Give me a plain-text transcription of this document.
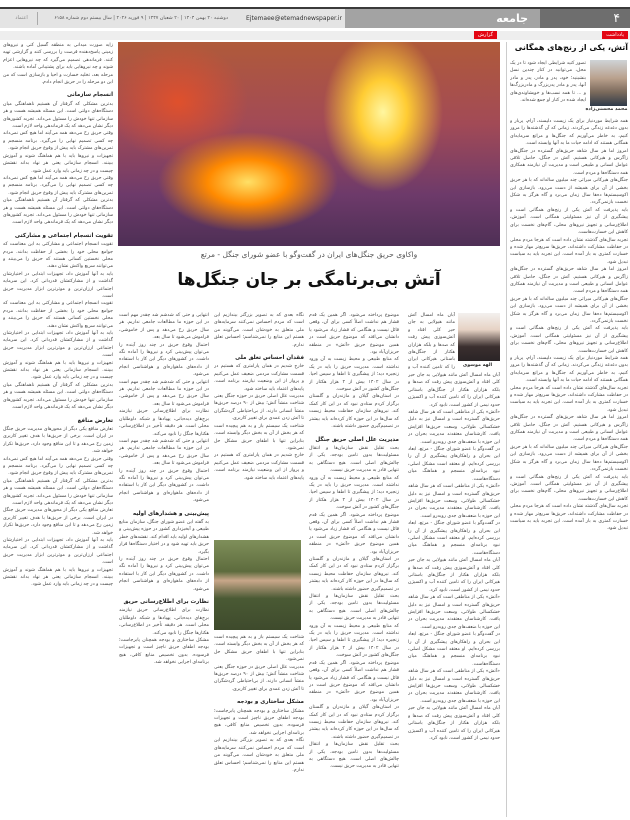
۴
جامعه
Ejtemaee@etemadnewspaper.ir
دوشنبه ۲۰ بهمن ۱۴۰۴ | ۲۰ شعبان ۱۴۴۷ | ۹ فوریه ۲۰۲۶ | سال بیستم دوم شماره ۶۱۵۸
اعتماد
یادداشت
گزارش
آتش، یکی از رنج‌های همگانی
محمد محسنی‌زاده

تصور کنید شرایطی ایجاد شود تا در یک محل، می‌توانید در کنار چندین نسل بنشینید؛ خود، پدر و مادر، پدر و مادر آنها، پدر و مادر پدربزرگ و مادربزرگ‌ها و ... تا همه نسب‌ها و خویشاوندی‌های ایجاد شده در کنار او جمع شده‌اند.

همه شرایط موردنیاز برای یک زیست دلپسند، آرام، پربار و بدون دغدغه زندگی می‌کردند. زمانی که آن گذشته‌ها را مرور کنیم، به خاطر می‌آوریم که جنگل‌ها و مراتع سرمایه‌ای همگانی هستند که ادامه حیات ما به آنها وابسته است.

امروز اما هر سال شاهد حریق‌های گسترده در جنگل‌های زاگرس و هیرکانی هستیم. آتش در جنگل، حاصل تلاقی عوامل انسانی و طبیعی است و مدیریت آن نیازمند همکاری همه دستگاه‌ها و مردم است.

جنگل‌های هیرکانی میراثی چند میلیون ساله‌اند که با هر حریق بخشی از آن برای همیشه از دست می‌رود. بازسازی این اکوسیستم‌ها ده‌ها سال زمان می‌برد و گاه هرگز به شکل نخست بازنمی‌گردد.

باید پذیرفت که آتش یکی از رنج‌های همگانی است و پیشگیری از آن نیز مسئولیتی همگانی است. آموزش، اطلاع‌رسانی و تجهیز نیروهای محلی، گام‌های نخست برای کاهش این خسارت‌هاست.

تجربه سال‌های گذشته نشان داده است که هرجا مردم محلی در حفاظت مشارکت داشته‌اند، حریق‌ها سریع‌تر مهار شده و خسارت کمتری به بار آمده است. این تجربه باید به سیاست تبدیل شود.

امروز اما هر سال شاهد حریق‌های گسترده در جنگل‌های زاگرس و هیرکانی هستیم. آتش در جنگل، حاصل تلاقی عوامل انسانی و طبیعی است و مدیریت آن نیازمند همکاری همه دستگاه‌ها و مردم است.

جنگل‌های هیرکانی میراثی چند میلیون ساله‌اند که با هر حریق بخشی از آن برای همیشه از دست می‌رود. بازسازی این اکوسیستم‌ها ده‌ها سال زمان می‌برد و گاه هرگز به شکل نخست بازنمی‌گردد.

باید پذیرفت که آتش یکی از رنج‌های همگانی است و پیشگیری از آن نیز مسئولیتی همگانی است. آموزش، اطلاع‌رسانی و تجهیز نیروهای محلی، گام‌های نخست برای کاهش این خسارت‌هاست.

همه شرایط موردنیاز برای یک زیست دلپسند، آرام، پربار و بدون دغدغه زندگی می‌کردند. زمانی که آن گذشته‌ها را مرور کنیم، به خاطر می‌آوریم که جنگل‌ها و مراتع سرمایه‌ای همگانی هستند که ادامه حیات ما به آنها وابسته است.

تجربه سال‌های گذشته نشان داده است که هرجا مردم محلی در حفاظت مشارکت داشته‌اند، حریق‌ها سریع‌تر مهار شده و خسارت کمتری به بار آمده است. این تجربه باید به سیاست تبدیل شود.

امروز اما هر سال شاهد حریق‌های گسترده در جنگل‌های زاگرس و هیرکانی هستیم. آتش در جنگل، حاصل تلاقی عوامل انسانی و طبیعی است و مدیریت آن نیازمند همکاری همه دستگاه‌ها و مردم است.

جنگل‌های هیرکانی میراثی چند میلیون ساله‌اند که با هر حریق بخشی از آن برای همیشه از دست می‌رود. بازسازی این اکوسیستم‌ها ده‌ها سال زمان می‌برد و گاه هرگز به شکل نخست بازنمی‌گردد.

باید پذیرفت که آتش یکی از رنج‌های همگانی است و پیشگیری از آن نیز مسئولیتی همگانی است. آموزش، اطلاع‌رسانی و تجهیز نیروهای محلی، گام‌های نخست برای کاهش این خسارت‌هاست.

تجربه سال‌های گذشته نشان داده است که هرجا مردم محلی در حفاظت مشارکت داشته‌اند، حریق‌ها سریع‌تر مهار شده و خسارت کمتری به بار آمده است. این تجربه باید به سیاست تبدیل شود.

زایه صورت میدانی به منطقه گسیل کنی و نیروهای زمینی پاسخ‌دهنده فرصت را بررسی کنند و گزارشی تهیه کنند. فرماندهی تصمیم می‌گیرد که چه نیروهایی اعزام شوند و چه نیروهایی باید برای پشتیبانی آماده باشند.

مرحله بعد، تخلیه خسارت و احیا و بازسازی است که من این دو مرحله را در حریق انجام دادم.

انسجام سازمانی

بدترین مشکلی که گرفتار آن هستیم ناهماهنگی میان دستگاه‌های دولتی است. این مسئله همیشه هست و هر سازمانی تنها خودش را مسئول می‌داند. تجربه کشورهای دیگر نشان می‌دهد که یک فرماندهی واحد لازم است.

وقتی حریق رخ می‌دهد همه می‌آیند اما هیچ کس نمی‌داند چه کسی تصمیم نهایی را می‌گیرد. برنامه منسجم و تمرین‌های مشترک باید پیش از وقوع حریق انجام شود.

تجهیزات و نیروها باید با هم هماهنگ شوند و آموزش ببینند. انسجام سازمانی یعنی هر نهاد بداند نقشش چیست و در چه زمانی باید وارد عمل شود.

وقتی حریق رخ می‌دهد همه می‌آیند اما هیچ کس نمی‌داند چه کسی تصمیم نهایی را می‌گیرد. برنامه منسجم و تمرین‌های مشترک باید پیش از وقوع حریق انجام شود.

بدترین مشکلی که گرفتار آن هستیم ناهماهنگی میان دستگاه‌های دولتی است. این مسئله همیشه هست و هر سازمانی تنها خودش را مسئول می‌داند. تجربه کشورهای دیگر نشان می‌دهد که یک فرماندهی واحد لازم است.

تقویت انسجام اجتماعی و مشارکتی

تقویت انسجام اجتماعی و مشارکتی به این معناست که جوامع محلی خود را بخشی از حفاظت بدانند. مردم محلی نخستین کسانی هستند که حریق را می‌بینند و می‌توانند سریع واکنش نشان دهند.

باید به آنها آموزش داد، تجهیزات ابتدایی در اختیارشان گذاشت و از مشارکتشان قدردانی کرد. این سرمایه اجتماعی ارزان‌ترین و موثرترین ابزار مدیریت حریق است.

تقویت انسجام اجتماعی و مشارکتی به این معناست که جوامع محلی خود را بخشی از حفاظت بدانند. مردم محلی نخستین کسانی هستند که حریق را می‌بینند و می‌توانند سریع واکنش نشان دهند.

باید به آنها آموزش داد، تجهیزات ابتدایی در اختیارشان گذاشت و از مشارکتشان قدردانی کرد. این سرمایه اجتماعی ارزان‌ترین و موثرترین ابزار مدیریت حریق است.

تجهیزات و نیروها باید با هم هماهنگ شوند و آموزش ببینند. انسجام سازمانی یعنی هر نهاد بداند نقشش چیست و در چه زمانی باید وارد عمل شود.

بدترین مشکلی که گرفتار آن هستیم ناهماهنگی میان دستگاه‌های دولتی است. این مسئله همیشه هست و هر سازمانی تنها خودش را مسئول می‌داند. تجربه کشورهای دیگر نشان می‌دهد که یک فرماندهی واحد لازم است.

تعارض منافع

تعارض منافع یکی دیگر از محورهای مدیریت حریق جنگل در ایران است. برخی از حریق‌ها با هدف تغییر کاربری زمین رخ می‌دهد و تا این منافع وجود دارد، حریق‌ها تکرار خواهد شد.

وقتی حریق رخ می‌دهد همه می‌آیند اما هیچ کس نمی‌داند چه کسی تصمیم نهایی را می‌گیرد. برنامه منسجم و تمرین‌های مشترک باید پیش از وقوع حریق انجام شود.

بدترین مشکلی که گرفتار آن هستیم ناهماهنگی میان دستگاه‌های دولتی است. این مسئله همیشه هست و هر سازمانی تنها خودش را مسئول می‌داند. تجربه کشورهای دیگر نشان می‌دهد که یک فرماندهی واحد لازم است.

تعارض منافع یکی دیگر از محورهای مدیریت حریق جنگل در ایران است. برخی از حریق‌ها با هدف تغییر کاربری زمین رخ می‌دهد و تا این منافع وجود دارد، حریق‌ها تکرار خواهد شد.

باید به آنها آموزش داد، تجهیزات ابتدایی در اختیارشان گذاشت و از مشارکتشان قدردانی کرد. این سرمایه اجتماعی ارزان‌ترین و موثرترین ابزار مدیریت حریق است.

تجهیزات و نیروها باید با هم هماهنگ شوند و آموزش ببینند. انسجام سازمانی یعنی هر نهاد بداند نقشش چیست و در چه زمانی باید وارد عمل شود.

واکاوی حریق جنگل‌های ایران در گفت‌وگو با عضو شورای جنگل - مرتع
آتش بی‌برنامگی بر جان جنگل‌ها
الهه موسوی

آبان ماه امسال آتش مانند هیولایی به جان حیر کلی افتاد و آتش‌سوزی پیش رفت که صدها و بلکه هزاران هکتار از جنگل‌های باستانی هیرکانی ایران را که تامین کننده آب و

آبان ماه امسال آتش مانند هیولایی به جان حیر کلی افتاد و آتش‌سوزی پیش رفت که صدها و بلکه هزاران هکتار از جنگل‌های باستانی هیرکانی ایران را که تامین کننده آب و اکسیژن حدود نیمی از کشور است، نابود کرد.

«آتش» یکی از مناطقی است که هر سال شاهد حریق‌های گسترده است و امسال نیز به دلیل خشکسالی طولانی، وسعت حریق‌ها افزایش یافت. کارشناسان معتقدند مدیریت بحران در این حوزه با ضعف‌های جدی روبه‌رو است.

در گفت‌وگو با عضو شورای جنگل - مرتع، ابعاد این بحران و راهکارهای پیشگیری از آن را بررسی کرده‌ایم. او معتقد است مشکل اصلی، نبود برنامه‌ای منسجم و هماهنگ میان دستگاه‌هاست.

«آتش» یکی از مناطقی است که هر سال شاهد حریق‌های گسترده است و امسال نیز به دلیل خشکسالی طولانی، وسعت حریق‌ها افزایش یافت. کارشناسان معتقدند مدیریت بحران در این حوزه با ضعف‌های جدی روبه‌رو است.

در گفت‌وگو با عضو شورای جنگل - مرتع، ابعاد این بحران و راهکارهای پیشگیری از آن را بررسی کرده‌ایم. او معتقد است مشکل اصلی، نبود برنامه‌ای منسجم و هماهنگ میان دستگاه‌هاست.

آبان ماه امسال آتش مانند هیولایی به جان حیر کلی افتاد و آتش‌سوزی پیش رفت که صدها و بلکه هزاران هکتار از جنگل‌های باستانی هیرکانی ایران را که تامین کننده آب و اکسیژن حدود نیمی از کشور است، نابود کرد.

«آتش» یکی از مناطقی است که هر سال شاهد حریق‌های گسترده است و امسال نیز به دلیل خشکسالی طولانی، وسعت حریق‌ها افزایش یافت. کارشناسان معتقدند مدیریت بحران در این حوزه با ضعف‌های جدی روبه‌رو است.

در گفت‌وگو با عضو شورای جنگل - مرتع، ابعاد این بحران و راهکارهای پیشگیری از آن را بررسی کرده‌ایم. او معتقد است مشکل اصلی، نبود برنامه‌ای منسجم و هماهنگ میان دستگاه‌هاست.

«آتش» یکی از مناطقی است که هر سال شاهد حریق‌های گسترده است و امسال نیز به دلیل خشکسالی طولانی، وسعت حریق‌ها افزایش یافت. کارشناسان معتقدند مدیریت بحران در این حوزه با ضعف‌های جدی روبه‌رو است.

آبان ماه امسال آتش مانند هیولایی به جان حیر کلی افتاد و آتش‌سوزی پیش رفت که صدها و بلکه هزاران هکتار از جنگل‌های باستانی هیرکانی ایران را که تامین کننده آب و اکسیژن حدود نیمی از کشور است، نابود کرد.

موضوع پرداخته می‌شود. اگر همین یک قدم فشار هم نداشت اصلاً کسی برای آن، وقعی قائل نیست و هنگامی که فشار زیاد می‌شود یا دانشان می‌افتد که موضوع حریق است در همین موضوع حریق «آتش» در منطقه حریزان‌آباد بود.

که منابع طبیعی و محیط زیست به آن ورود نداشته است. مدیریت حریق را باید در یک زنجیره دید؛ از پیشگیری تا اطفا و سپس احیا. در سال ۱۴۰۲ بیش از ۴ هزار هکتار از جنگل‌های کشور در آتش سوخت.

در استان‌های گیلان و مازندران و گلستان برگزار کردم ستادی نبود که در این کار کمک کند. نیروهای سازمان حفاظت محیط زیست که سال‌ها در این حوزه کار کرده‌اند باید بیشتر در تصمیم‌گیری حضور داشته باشند.

مدیریت علل اصلی حریق جنگل

بحث تقلیل نقش سازمان‌ها و انتقال مسئولیت‌ها بدون تامین بودجه، یکی از چالش‌های اصلی است. هیچ دستگاهی به تنهایی قادر به مدیریت حریق نیست.

که منابع طبیعی و محیط زیست به آن ورود نداشته است. مدیریت حریق را باید در یک زنجیره دید؛ از پیشگیری تا اطفا و سپس احیا. در سال ۱۴۰۲ بیش از ۴ هزار هکتار از جنگل‌های کشور در آتش سوخت.

موضوع پرداخته می‌شود. اگر همین یک قدم فشار هم نداشت اصلاً کسی برای آن، وقعی قائل نیست و هنگامی که فشار زیاد می‌شود یا دانشان می‌افتد که موضوع حریق است در همین موضوع حریق «آتش» در منطقه حریزان‌آباد بود.

در استان‌های گیلان و مازندران و گلستان برگزار کردم ستادی نبود که در این کار کمک کند. نیروهای سازمان حفاظت محیط زیست که سال‌ها در این حوزه کار کرده‌اند باید بیشتر در تصمیم‌گیری حضور داشته باشند.

بحث تقلیل نقش سازمان‌ها و انتقال مسئولیت‌ها بدون تامین بودجه، یکی از چالش‌های اصلی است. هیچ دستگاهی به تنهایی قادر به مدیریت حریق نیست.

که منابع طبیعی و محیط زیست به آن ورود نداشته است. مدیریت حریق را باید در یک زنجیره دید؛ از پیشگیری تا اطفا و سپس احیا. در سال ۱۴۰۲ بیش از ۴ هزار هکتار از جنگل‌های کشور در آتش سوخت.

موضوع پرداخته می‌شود. اگر همین یک قدم فشار هم نداشت اصلاً کسی برای آن، وقعی قائل نیست و هنگامی که فشار زیاد می‌شود یا دانشان می‌افتد که موضوع حریق است در همین موضوع حریق «آتش» در منطقه حریزان‌آباد بود.

در استان‌های گیلان و مازندران و گلستان برگزار کردم ستادی نبود که در این کار کمک کند. نیروهای سازمان حفاظت محیط زیست که سال‌ها در این حوزه کار کرده‌اند باید بیشتر در تصمیم‌گیری حضور داشته باشند.

بحث تقلیل نقش سازمان‌ها و انتقال مسئولیت‌ها بدون تامین بودجه، یکی از چالش‌های اصلی است. هیچ دستگاهی به تنهایی قادر به مدیریت حریق نیست.

نگاه بعدی که به تصویر بزرگتر بیندازیم این است که مردم احساس نمی‌کنند سرمایه‌های ملی متعلق به خودشان است. می‌گویند من هستم این منابع را نمی‌شناسم؛ احساس تعلق ندارم.

فقدان احساس تعلق ملی

خارج شدیم در همان پارامتری که هستیم در قسمت مشارکت مردمی ضعیف عمل می‌کنیم و پرواز از این وضعیت نیازمند برنامه است. پایه‌های اعتماد باید ساخته شود.

مدیریت علل اصلی حریق در حوزه جنگل یعنی شناخت منشأ آتش؛ بیش از ۹۰ درصد حریق‌ها منشأ انسانی دارند. از بی‌احتیاطی گردشگران تا آتش زدن عمدی برای تغییر کاربری.

شناخت یک سیستم باز و به هم پیچیده است که هر بخش از آن به بخش دیگر وابسته است. بنابراین تنها با اطفای حریق مشکل حل نمی‌شود.

خارج شدیم در همان پارامتری که هستیم در قسمت مشارکت مردمی ضعیف عمل می‌کنیم و پرواز از این وضعیت نیازمند برنامه است. پایه‌های اعتماد باید ساخته شود.

شناخت یک سیستم باز و به هم پیچیده است که هر بخش از آن به بخش دیگر وابسته است. بنابراین تنها با اطفای حریق مشکل حل نمی‌شود.

مدیریت علل اصلی حریق در حوزه جنگل یعنی شناخت منشأ آتش؛ بیش از ۹۰ درصد حریق‌ها منشأ انسانی دارند. از بی‌احتیاطی گردشگران تا آتش زدن عمدی برای تغییر کاربری.

مشکل ساختاری و بودجه

مشکل ساختاری و بودجه همچنان پابرجاست؛ بودجه اطفای حریق ناچیز است و تجهیزات فرسوده. بدون تخصیص منابع کافی، هیچ برنامه‌ای اجرایی نخواهد شد.

نگاه بعدی که به تصویر بزرگتر بیندازیم این است که مردم احساس نمی‌کنند سرمایه‌های ملی متعلق به خودشان است. می‌گویند من هستم این منابع را نمی‌شناسم؛ احساس تعلق ندارم.

انتهایی و حتی که شدشم شد چقدر مهم است در این حوزه ما مطالعات جامعی نداریم. هر سال حریق رخ می‌دهد و پس از خاموشی، فراموش می‌شود تا سال بعد.

احتمال وقوع حریق در چند روز آینده را می‌توان پیش‌بینی کرد و نیروها را آماده نگه داشت. در کشورهای دیگر این کار با استفاده از داده‌های ماهواره‌ای و هواشناسی انجام می‌شود.

انتهایی و حتی که شدشم شد چقدر مهم است در این حوزه ما مطالعات جامعی نداریم. هر سال حریق رخ می‌دهد و پس از خاموشی، فراموش می‌شود تا سال بعد.

نظارت برای اطلاع‌رسانی حریق نیازمند برج‌های دیده‌بانی، پهپادها و شبکه داوطلبان محلی است. هر دقیقه تأخیر در اطلاع‌رسانی، هکتارها جنگل را نابود می‌کند.

انتهایی و حتی که شدشم شد چقدر مهم است در این حوزه ما مطالعات جامعی نداریم. هر سال حریق رخ می‌دهد و پس از خاموشی، فراموش می‌شود تا سال بعد.

احتمال وقوع حریق در چند روز آینده را می‌توان پیش‌بینی کرد و نیروها را آماده نگه داشت. در کشورهای دیگر این کار با استفاده از داده‌های ماهواره‌ای و هواشناسی انجام می‌شود.

پیش‌بینی و هشدارهای اولیه

به گفته این عضو شورای جنگل، سازمان منابع طبیعی و آبخیزداری کشور در حوزه پیش‌بینی و هشدارهای اولیه باید اقدام کند. نقشه‌های خطر حریق باید تهیه شود و در اختیار دستگاه‌ها قرار بگیرد.

احتمال وقوع حریق در چند روز آینده را می‌توان پیش‌بینی کرد و نیروها را آماده نگه داشت. در کشورهای دیگر این کار با استفاده از داده‌های ماهواره‌ای و هواشناسی انجام می‌شود.

نظارت برای اطلاع‌رسانی حریق

نظارت برای اطلاع‌رسانی حریق نیازمند برج‌های دیده‌بانی، پهپادها و شبکه داوطلبان محلی است. هر دقیقه تأخیر در اطلاع‌رسانی، هکتارها جنگل را نابود می‌کند.

مشکل ساختاری و بودجه همچنان پابرجاست؛ بودجه اطفای حریق ناچیز است و تجهیزات فرسوده. بدون تخصیص منابع کافی، هیچ برنامه‌ای اجرایی نخواهد شد.
